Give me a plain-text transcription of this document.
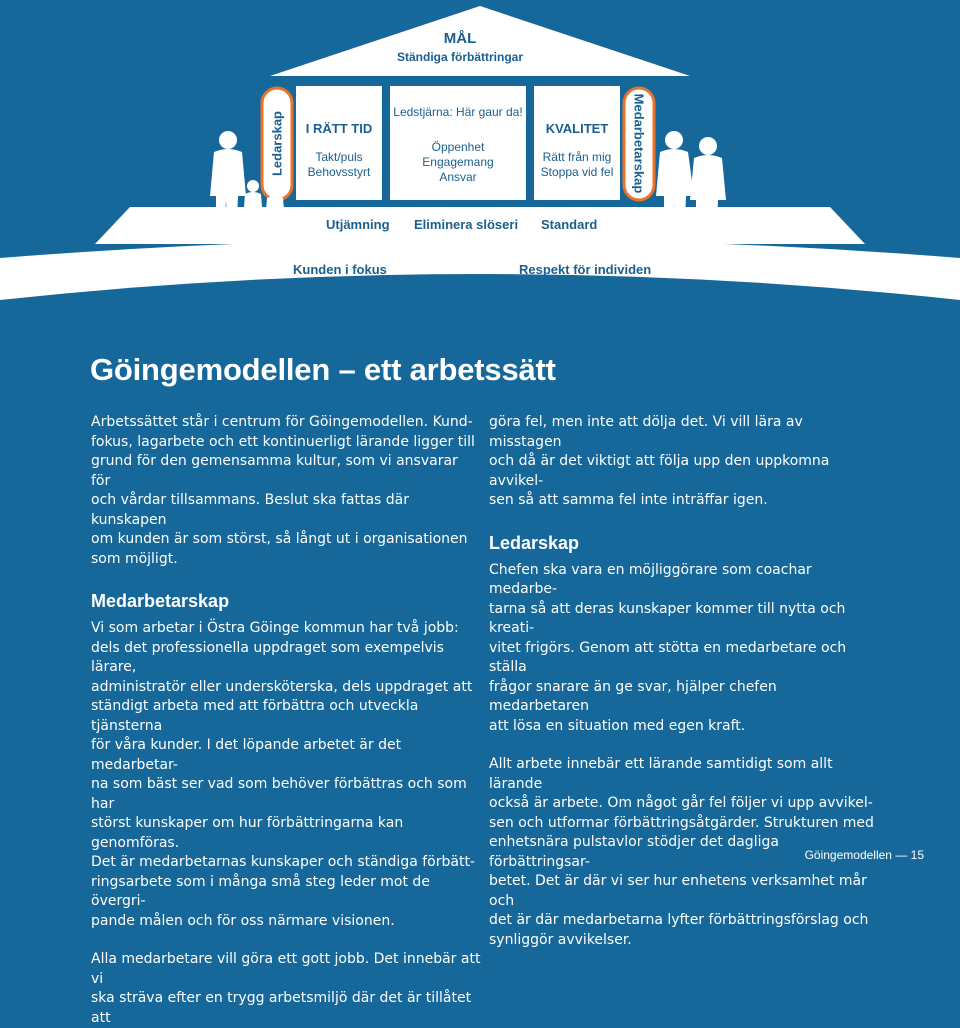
MÅL
Ständiga förbättringar
Ledarskap	Medarbetarskap
I RÄTT TID
Takt/puls
Behovsstyrt
Ledstjärna: Här gaur da!
Öppenhet
Engagemang
Ansvar
KVALITET
Rätt från mig
Stoppa vid fel
Utjämning Eliminera slöseri Standard
Kunden i fokus	Respekt för individen
Göingemodellen – ett arbetssätt

Arbetssättet står i centrum för Göingemodellen. Kund-

fokus, lagarbete och ett kontinuerligt lärande ligger till

grund för den gemensamma kultur, som vi ansvarar för

och vårdar tillsammans. Beslut ska fattas där kunskapen

om kunden är som störst, så långt ut i organisationen

som möjligt.

Medarbetarskap

Vi som arbetar i Östra Göinge kommun har två jobb:

dels det professionella uppdraget som exempelvis lärare,

administratör eller undersköterska, dels uppdraget att

ständigt arbeta med att förbättra och utveckla tjänsterna

för våra kunder. I det löpande arbetet är det medarbetar-

na som bäst ser vad som behöver förbättras och som har

störst kunskaper om hur förbättringarna kan genomföras.

Det är medarbetarnas kunskaper och ständiga förbätt-

ringsarbete som i många små steg leder mot de övergri-

pande målen och för oss närmare visionen.

Alla medarbetare vill göra ett gott jobb. Det innebär att vi

ska sträva efter en trygg arbetsmiljö där det är tillåtet att

göra fel, men inte att dölja det. Vi vill lära av misstagen

och då är det viktigt att följa upp den uppkomna avvikel-

sen så att samma fel inte inträffar igen.

Ledarskap

Chefen ska vara en möjliggörare som coachar medarbe-

tarna så att deras kunskaper kommer till nytta och kreati-

vitet frigörs. Genom att stötta en medarbetare och ställa

frågor snarare än ge svar, hjälper chefen medarbetaren

att lösa en situation med egen kraft.

Allt arbete innebär ett lärande samtidigt som allt lärande

också är arbete. Om något går fel följer vi upp avvikel-

sen och utformar förbättringsåtgärder. Strukturen med

enhetsnära pulstavlor stödjer det dagliga förbättringsar-

betet. Det är där vi ser hur enhetens verksamhet mår och

det är där medarbetarna lyfter förbättringsförslag och

synliggör avvikelser.

Göingemodellen — 15
